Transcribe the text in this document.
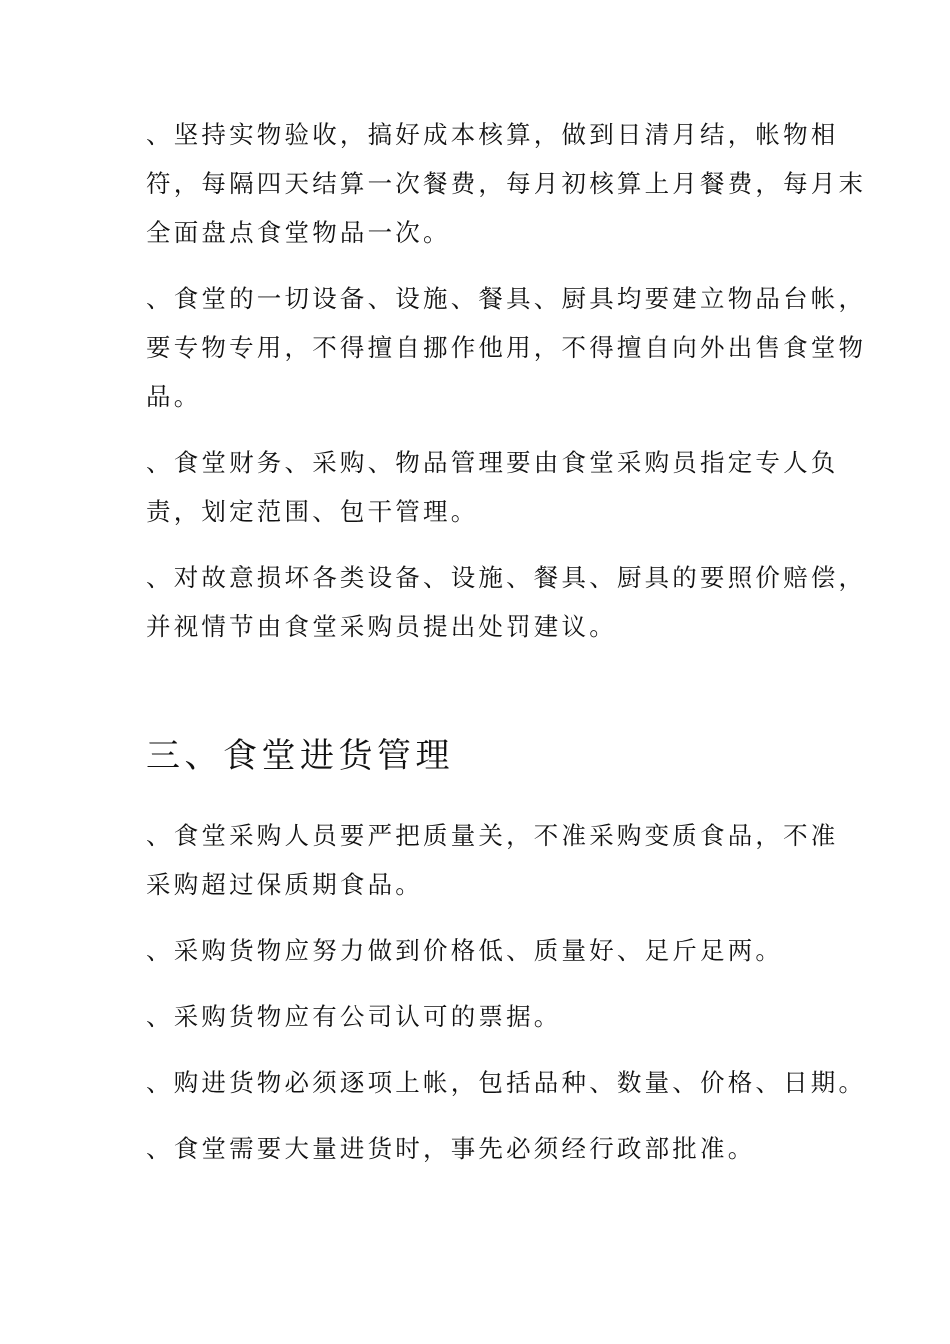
、坚持实物验收，搞好成本核算，做到日清月结，帐物相
符，每隔四天结算一次餐费，每月初核算上月餐费，每月末
全面盘点食堂物品一次。

、食堂的一切设备、设施、餐具、厨具均要建立物品台帐，
要专物专用，不得擅自挪作他用，不得擅自向外出售食堂物
品。

、食堂财务、采购、物品管理要由食堂采购员指定专人负
责，划定范围、包干管理。

、对故意损坏各类设备、设施、餐具、厨具的要照价赔偿，
并视情节由食堂采购员提出处罚建议。

三、食堂进货管理

、食堂采购人员要严把质量关，不准采购变质食品，不准
采购超过保质期食品。

、采购货物应努力做到价格低、质量好、足斤足两。

、采购货物应有公司认可的票据。

、购进货物必须逐项上帐，包括品种、数量、价格、日期。

、食堂需要大量进货时，事先必须经行政部批准。
